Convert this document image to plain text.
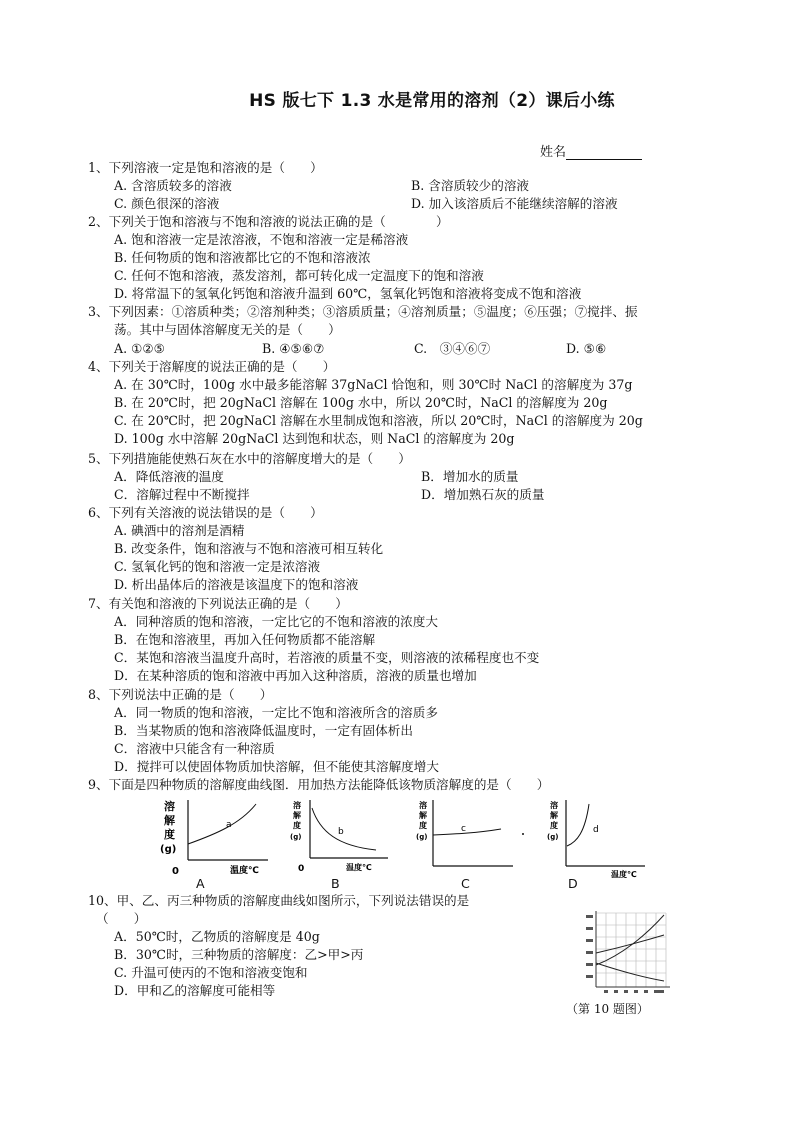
HS 版七下 1.3 水是常用的溶剂（2）课后小练
姓名
1、下列溶液一定是饱和溶液的是（　　）
A. 含溶质较多的溶液	B. 含溶质较少的溶液
C. 颜色很深的溶液	D. 加入该溶质后不能继续溶解的溶液
2、下列关于饱和溶液与不饱和溶液的说法正确的是（　　　　）
A. 饱和溶液一定是浓溶液，不饱和溶液一定是稀溶液
B. 任何物质的饱和溶液都比它的不饱和溶液浓
C. 任何不饱和溶液，蒸发溶剂，都可转化成一定温度下的饱和溶液
D. 将常温下的氢氧化钙饱和溶液升温到 60℃，氢氧化钙饱和溶液将变成不饱和溶液
3、下列因素：①溶质种类；②溶剂种类；③溶质质量；④溶剂质量；⑤温度；⑥压强；⑦搅拌、振
荡。其中与固体溶解度无关的是（　　）
A. ①②⑤	B. ④⑤⑥⑦	C.　③④⑥⑦	D. ⑤⑥
4、下列关于溶解度的说法正确的是（　　）
A. 在 30℃时，100g 水中最多能溶解 37gNaCl 恰饱和，则 30℃时 NaCl 的溶解度为 37g
B. 在 20℃时，把 20gNaCl 溶解在 100g 水中，所以 20℃时，NaCl 的溶解度为 20g
C. 在 20℃时，把 20gNaCl 溶解在水里制成饱和溶液，所以 20℃时，NaCl 的溶解度为 20g
D. 100g 水中溶解 20gNaCl 达到饱和状态，则 NaCl 的溶解度为 20g
5、下列措施能使熟石灰在水中的溶解度增大的是（　　）
A．降低溶液的温度	B．增加水的质量
C．溶解过程中不断搅拌	D．增加熟石灰的质量
6、下列有关溶液的说法错误的是（　　）
A. 碘酒中的溶剂是酒精
B. 改变条件，饱和溶液与不饱和溶液可相互转化
C. 氢氧化钙的饱和溶液一定是浓溶液
D. 析出晶体后的溶液是该温度下的饱和溶液
7、有关饱和溶液的下列说法正确的是（　　）
A．同种溶质的饱和溶液，一定比它的不饱和溶液的浓度大
B．在饱和溶液里，再加入任何物质都不能溶解
C．某饱和溶液当温度升高时，若溶液的质量不变，则溶液的浓稀程度也不变
D．在某种溶质的饱和溶液中再加入这种溶质，溶液的质量也增加
8、下列说法中正确的是（　　）
A．同一物质的饱和溶液，一定比不饱和溶液所含的溶质多
B．当某物质的饱和溶液降低温度时，一定有固体析出
C．溶液中只能含有一种溶质
D．搅拌可以使固体物质加快溶解，但不能使其溶解度增大
9、下面是四种物质的溶解度曲线图．用加热方法能降低该物质溶解度的是（　　）
溶
解
度
(g)
a
0	温度℃
溶
解
度
(g)	b
0	温度℃
溶
解
度
(g)
c
溶
解
度
(g)
d
温度℃
A	B	C	D
10、甲、乙、丙三种物质的溶解度曲线如图所示，下列说法错误的是
（　　）
A．50℃时，乙物质的溶解度是 40g
B．30℃时，三种物质的溶解度：乙>甲>丙
C. 升温可使丙的不饱和溶液变饱和
D．甲和乙的溶解度可能相等
（第 10 题图）
